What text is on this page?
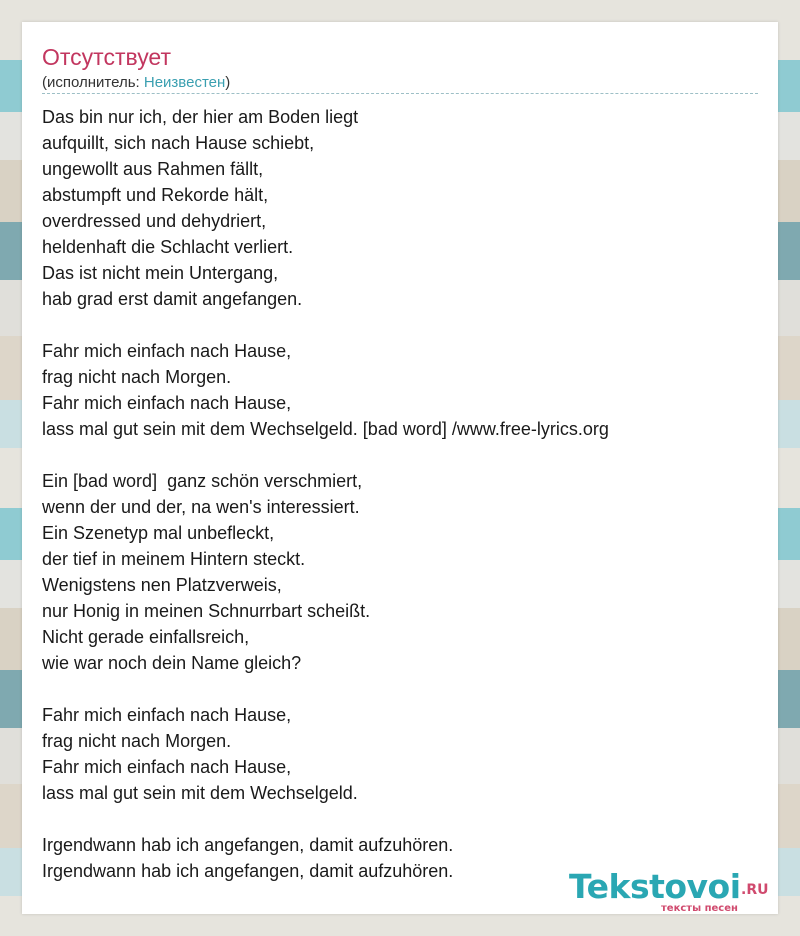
Отсутствует
(исполнитель: Неизвестен)
Das bin nur ich, der hier am Boden liegt
aufquillt, sich nach Hause schiebt,
ungewollt aus Rahmen fällt,
abstumpft und Rekorde hält,
overdressed und dehydriert,
heldenhaft die Schlacht verliert.
Das ist nicht mein Untergang,
hab grad erst damit angefangen.
Fahr mich einfach nach Hause,
frag nicht nach Morgen.
Fahr mich einfach nach Hause,
lass mal gut sein mit dem Wechselgeld. [bad word] /www.free-lyrics.org
Ein [bad word]  ganz schön verschmiert,
wenn der und der, na wen's interessiert.
Ein Szenetyp mal unbefleckt,
der tief in meinem Hintern steckt.
Wenigstens nen Platzverweis,
nur Honig in meinen Schnurrbart scheißt.
Nicht gerade einfallsreich,
wie war noch dein Name gleich?
Fahr mich einfach nach Hause,
frag nicht nach Morgen.
Fahr mich einfach nach Hause,
lass mal gut sein mit dem Wechselgeld.
Irgendwann hab ich angefangen, damit aufzuhören.
Irgendwann hab ich angefangen, damit aufzuhören.	Tekstovoi .RU
тексты песен
